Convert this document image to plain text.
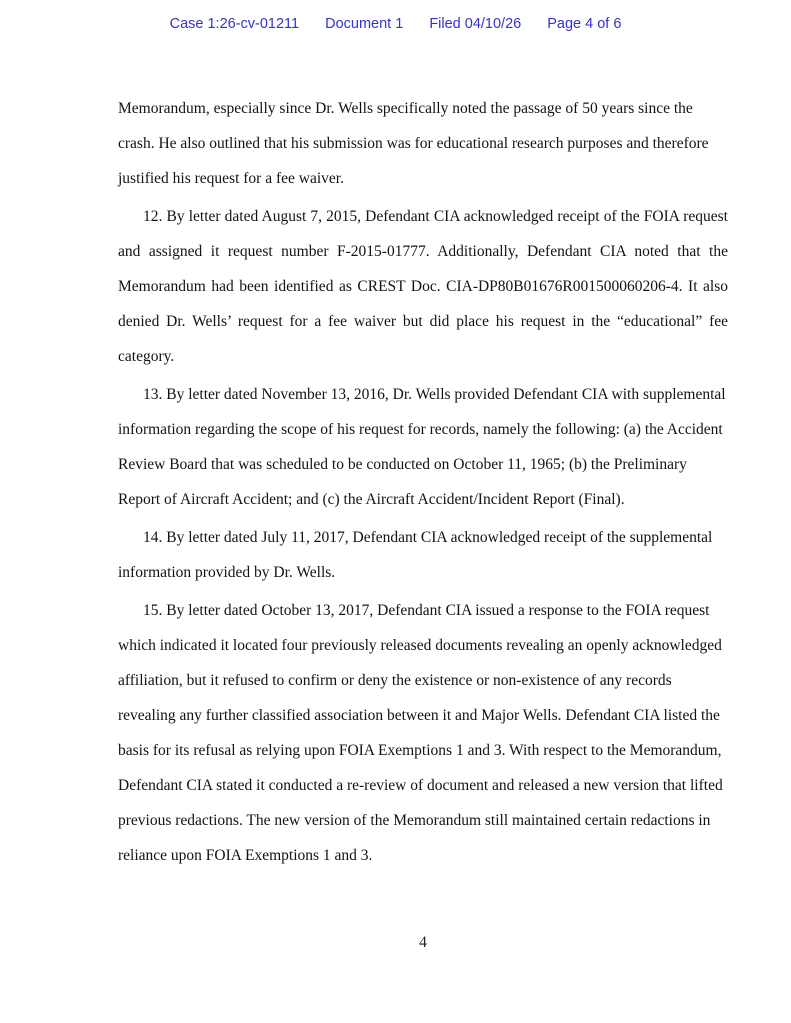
Case 1:26-cv-01211 Document 1 Filed 04/10/26 Page 4 of 6

Memorandum, especially since Dr. Wells specifically noted the passage of 50 years since the crash. He also outlined that his submission was for educational research purposes and therefore justified his request for a fee waiver.

12. By letter dated August 7, 2015, Defendant CIA acknowledged receipt of the FOIA request and assigned it request number F-2015-01777. Additionally, Defendant CIA noted that the Memorandum had been identified as CREST Doc. CIA-DP80B01676R001500060206-4. It also denied Dr. Wells’ request for a fee waiver but did place his request in the “educational” fee category.

13. By letter dated November 13, 2016, Dr. Wells provided Defendant CIA with supplemental information regarding the scope of his request for records, namely the following: (a) the Accident Review Board that was scheduled to be conducted on October 11, 1965; (b) the Preliminary Report of Aircraft Accident; and (c) the Aircraft Accident/Incident Report (Final).

14. By letter dated July 11, 2017, Defendant CIA acknowledged receipt of the supplemental information provided by Dr. Wells.

15. By letter dated October 13, 2017, Defendant CIA issued a response to the FOIA request which indicated it located four previously released documents revealing an openly acknowledged affiliation, but it refused to confirm or deny the existence or non-existence of any records revealing any further classified association between it and Major Wells. Defendant CIA listed the basis for its refusal as relying upon FOIA Exemptions 1 and 3. With respect to the Memorandum, Defendant CIA stated it conducted a re-review of document and released a new version that lifted previous redactions. The new version of the Memorandum still maintained certain redactions in reliance upon FOIA Exemptions 1 and 3.

4
